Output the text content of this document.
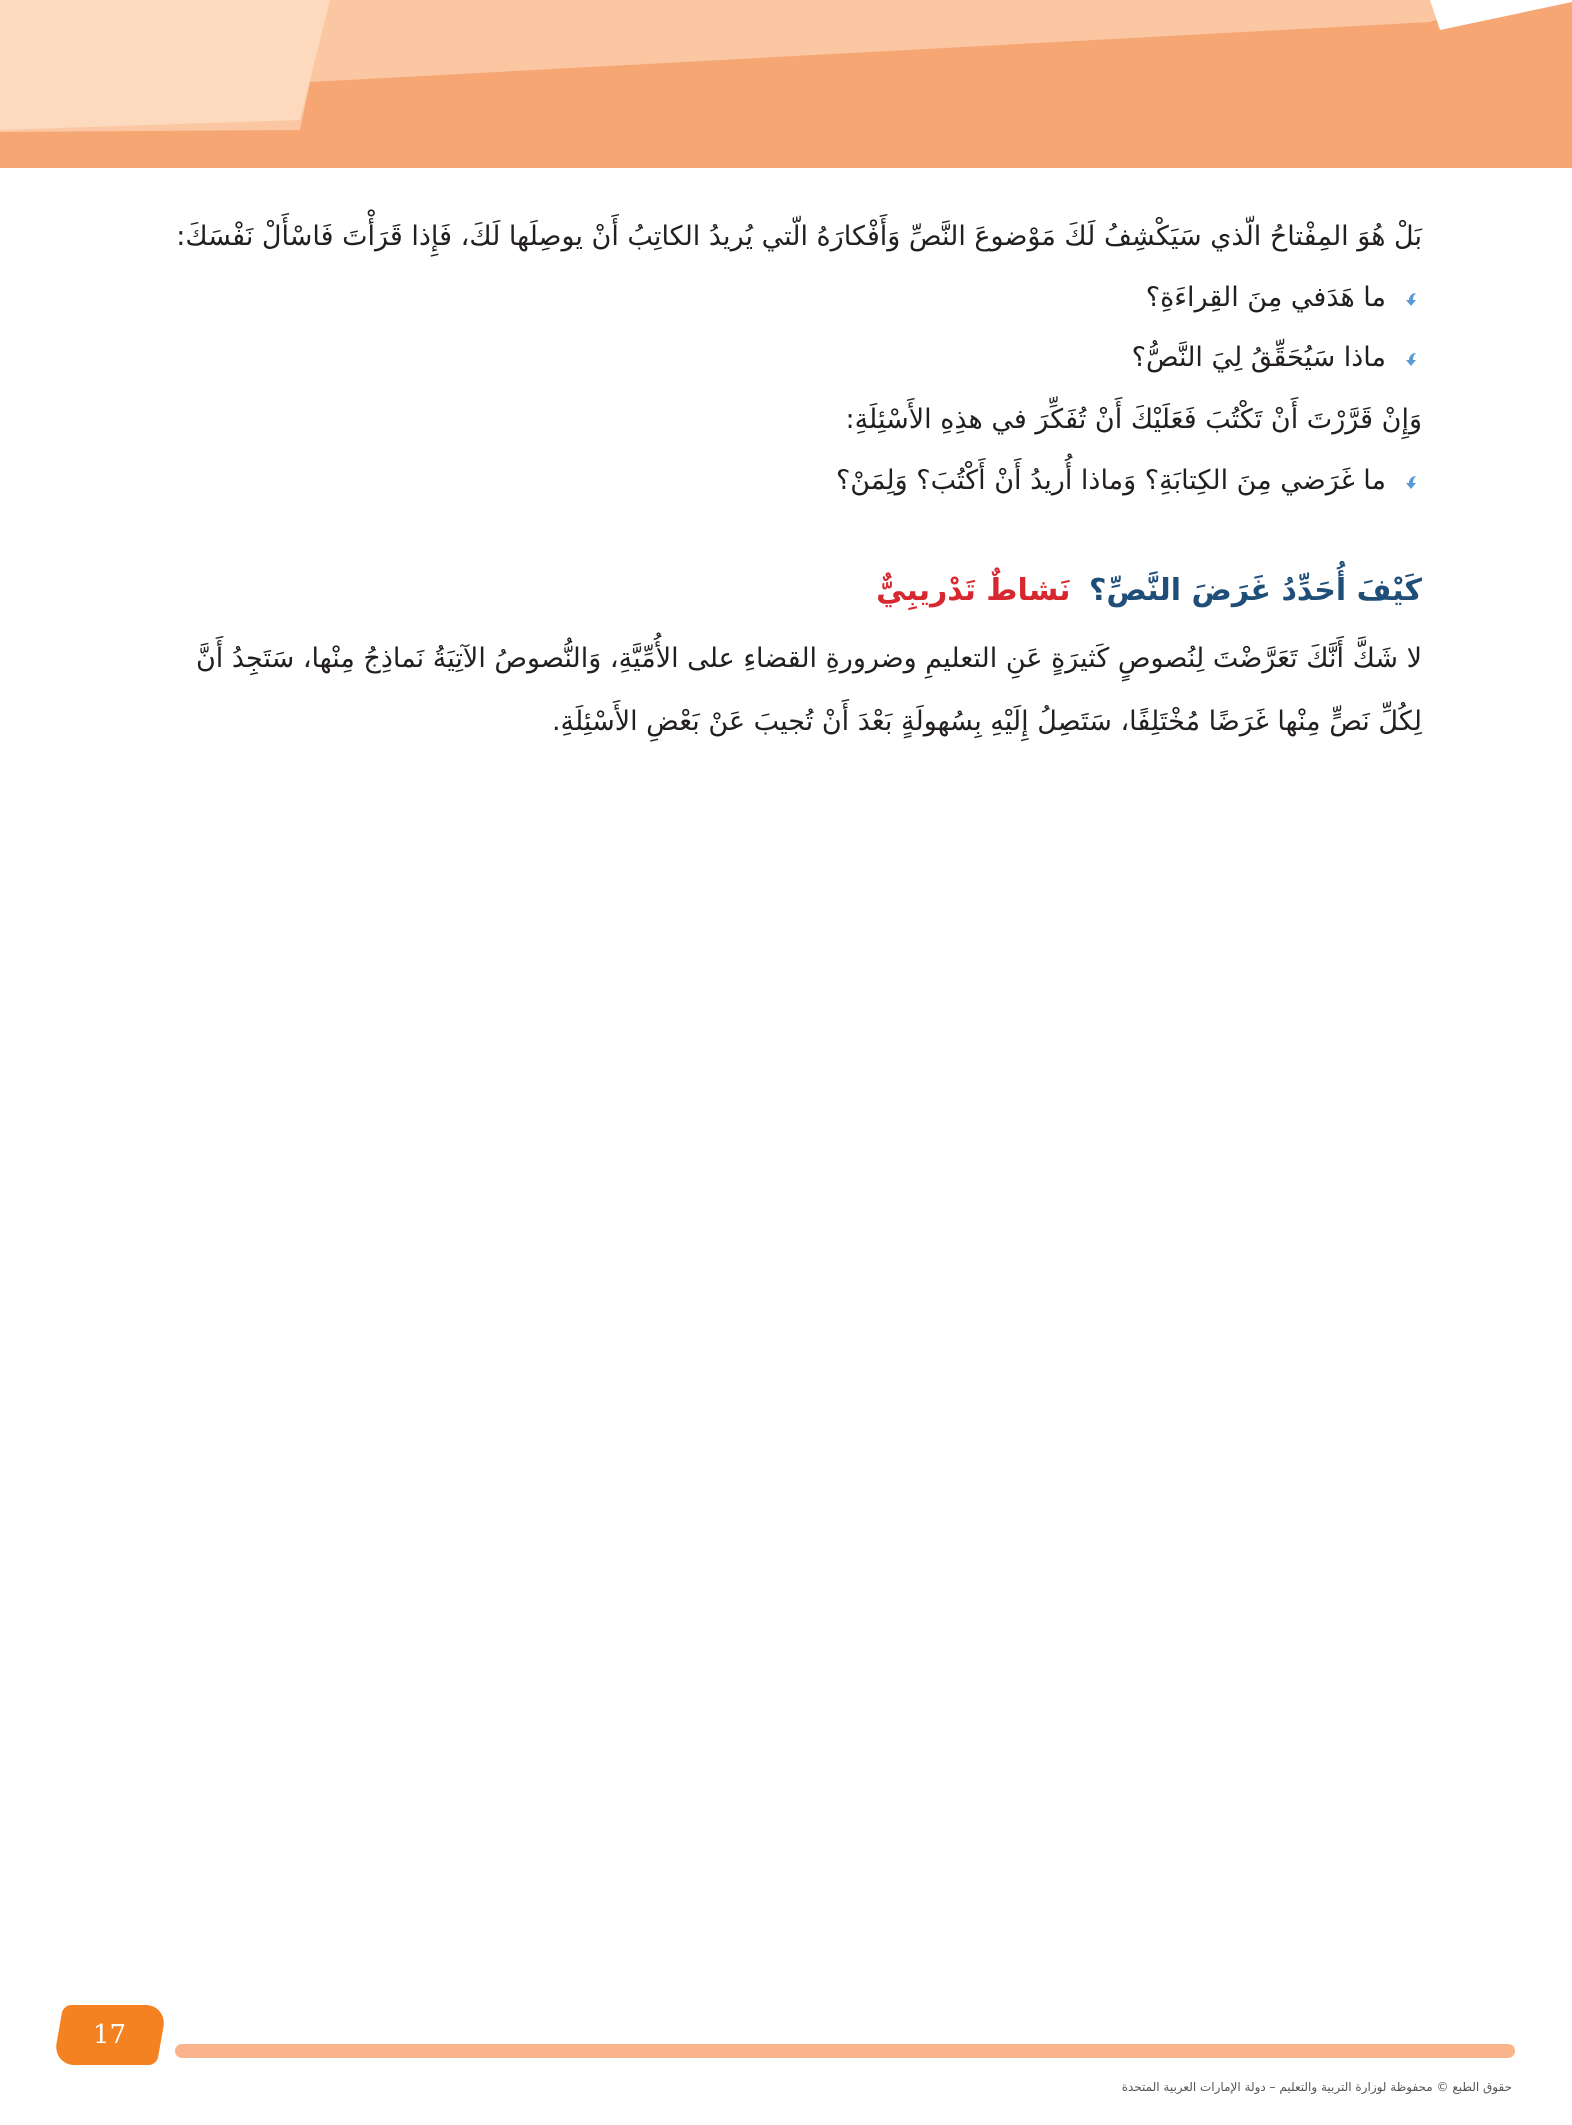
بَلْ هُوَ المِفْتاحُ الّذي سَيَكْشِفُ لَكَ مَوْضوعَ النَّصِّ وَأَفْكارَهُ الّتي يُريدُ الكاتِبُ أَنْ يوصِلَها لَكَ، فَإِذا قَرَأْتَ فَاسْأَلْ نَفْسَكَ:

ما هَدَفي مِنَ القِراءَةِ؟

ماذا سَيُحَقِّقُ لِيَ النَّصُّ؟

وَإِنْ قَرَّرْتَ أَنْ تَكْتُبَ فَعَلَيْكَ أَنْ تُفَكِّرَ في هذِهِ الأَسْئِلَةِ:

ما غَرَضي مِنَ الكِتابَةِ؟ وَماذا أُريدُ أَنْ أَكْتُبَ؟ وَلِمَنْ؟

كَيْفَ أُحَدِّدُ غَرَضَ النَّصِّ؟ نَشاطٌ تَدْريبِيٌّ

لا شَكَّ أَنَّكَ تَعَرَّضْتَ لِنُصوصٍ كَثيرَةٍ عَنِ التعليمِ وضرورةِ القضاءِ على الأُمِّيَّةِ، وَالنُّصوصُ الآتِيَةُ نَماذِجُ مِنْها، سَتَجِدُ أَنَّ لِكُلِّ نَصٍّ مِنْها غَرَضًا مُخْتَلِفًا، سَتَصِلُ إِلَيْهِ بِسُهولَةٍ بَعْدَ أَنْ تُجيبَ عَنْ بَعْضِ الأَسْئِلَةِ.

17
حقوق الطبع © محفوظة لوزارة التربية والتعليم – دولة الإمارات العربية المتحدة
